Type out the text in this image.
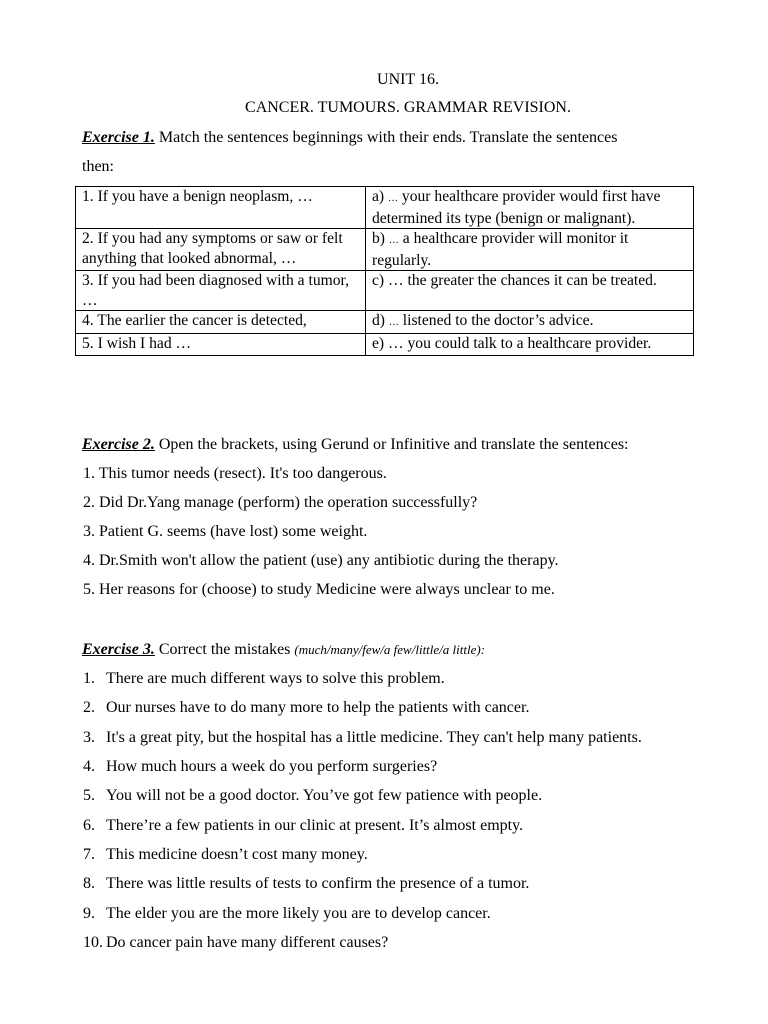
UNIT 16.
CANCER. TUMOURS. GRAMMAR REVISION.
Exercise 1. Match the sentences beginnings with their ends. Translate the sentences
then:
1. If you have a benign neoplasm, …	a) … your healthcare provider would first have determined its type (benign or malignant).
2. If you had any symptoms or saw or felt anything that looked abnormal, …	b) … a healthcare provider will monitor it regularly.
3. If you had been diagnosed with a tumor, …	c) … the greater the chances it can be treated.
4. The earlier the cancer is detected,	d) … listened to the doctor’s advice.
5. I wish I had …	e) … you could talk to a healthcare provider.
Exercise 2. Open the brackets, using Gerund or Infinitive and translate the sentences:
1. This tumor needs (resect). It's too dangerous.
2. Did Dr.Yang manage (perform) the operation successfully?
3. Patient G. seems (have lost) some weight.
4. Dr.Smith won't allow the patient (use) any antibiotic during the therapy.
5. Her reasons for (choose) to study Medicine were always unclear to me.
Exercise 3. Correct the mistakes (much/many/few/a few/little/a little):
1. There are much different ways to solve this problem.
2. Our nurses have to do many more to help the patients with cancer.
3. It's a great pity, but the hospital has a little medicine. They can't help many patients.
4. How much hours a week do you perform surgeries?
5. You will not be a good doctor. You’ve got few patience with people.
6. There’re a few patients in our clinic at present. It’s almost empty.
7. This medicine doesn’t cost many money.
8. There was little results of tests to confirm the presence of a tumor.
9. The elder you are the more likely you are to develop cancer.
10. Do cancer pain have many different causes?
